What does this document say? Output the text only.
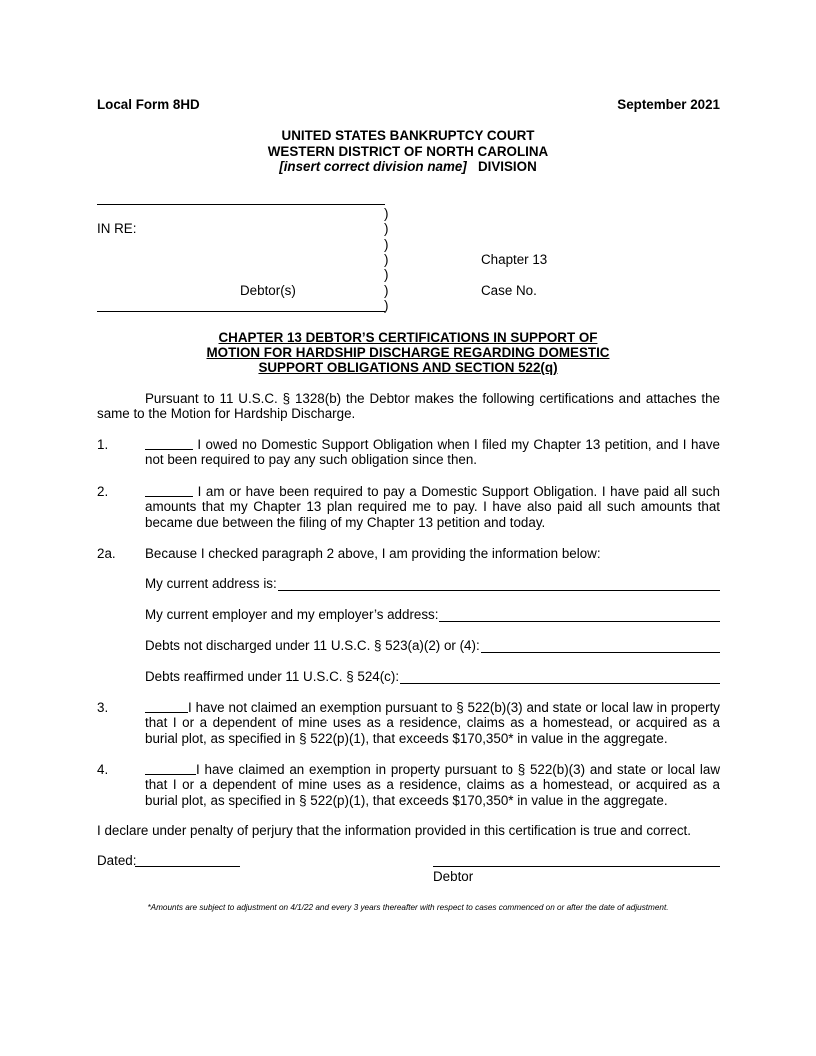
Local Form 8HD	September 2021
UNITED STATES BANKRUPTCY COURT
WESTERN DISTRICT OF NORTH CAROLINA
[insert correct division name] DIVISION
)
)
)
)
)
)
)
IN RE:
Debtor(s)
Chapter 13
Case No.
CHAPTER 13 DEBTOR’S CERTIFICATIONS IN SUPPORT OF
MOTION FOR HARDSHIP DISCHARGE REGARDING DOMESTIC
SUPPORT OBLIGATIONS AND SECTION 522(q)
Pursuant to 11 U.S.C. § 1328(b) the Debtor makes the following certifications and attaches the same to the Motion for Hardship Discharge.
1.	I owed no Domestic Support Obligation when I filed my Chapter 13 petition, and I have not been required to pay any such obligation since then.
2.	I am or have been required to pay a Domestic Support Obligation. I have paid all such amounts that my Chapter 13 plan required me to pay. I have also paid all such amounts that became due between the filing of my Chapter 13 petition and today.
2a. Because I checked paragraph 2 above, I am providing the information below:
My current address is:
My current employer and my employer’s address:
Debts not discharged under 11 U.S.C. § 523(a)(2) or (4):
Debts reaffirmed under 11 U.S.C. § 524(c):
3.	I have not claimed an exemption pursuant to § 522(b)(3) and state or local law in property that I or a dependent of mine uses as a residence, claims as a homestead, or acquired as a burial plot, as specified in § 522(p)(1), that exceeds $170,350* in value in the aggregate.
4.	I have claimed an exemption in property pursuant to § 522(b)(3) and state or local law that I or a dependent of mine uses as a residence, claims as a homestead, or acquired as a burial plot, as specified in § 522(p)(1), that exceeds $170,350* in value in the aggregate.
I declare under penalty of perjury that the information provided in this certification is true and correct.
Dated:
Debtor
*Amounts are subject to adjustment on 4/1/22 and every 3 years thereafter with respect to cases commenced on or after the date of adjustment.
